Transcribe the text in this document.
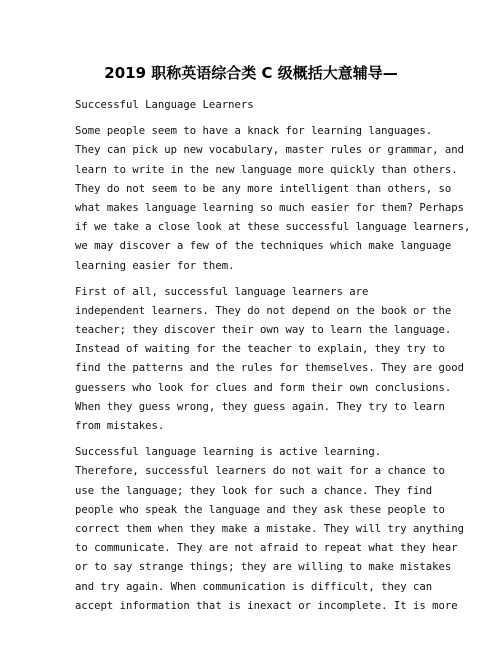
2019 职称英语综合类 C 级概括大意辅导—
Successful Language Learners
Some people seem to have a knack for learning languages.
They can pick up new vocabulary, master rules or grammar, and
learn to write in the new language more quickly than others.
They do not seem to be any more intelligent than others, so
what makes language learning so much easier for them? Perhaps
if we take a close look at these successful language learners,
we may discover a few of the techniques which make language
learning easier for them.
First of all, successful language learners are
independent learners. They do not depend on the book or the
teacher; they discover their own way to learn the language.
Instead of waiting for the teacher to explain, they try to
find the patterns and the rules for themselves. They are good
guessers who look for clues and form their own conclusions.
When they guess wrong, they guess again. They try to learn
from mistakes.
Successful language learning is active learning.
Therefore, successful learners do not wait for a chance to
use the language; they look for such a chance. They find
people who speak the language and they ask these people to
correct them when they make a mistake. They will try anything
to communicate. They are not afraid to repeat what they hear
or to say strange things; they are willing to make mistakes
and try again. When communication is difficult, they can
accept information that is inexact or incomplete. It is more
